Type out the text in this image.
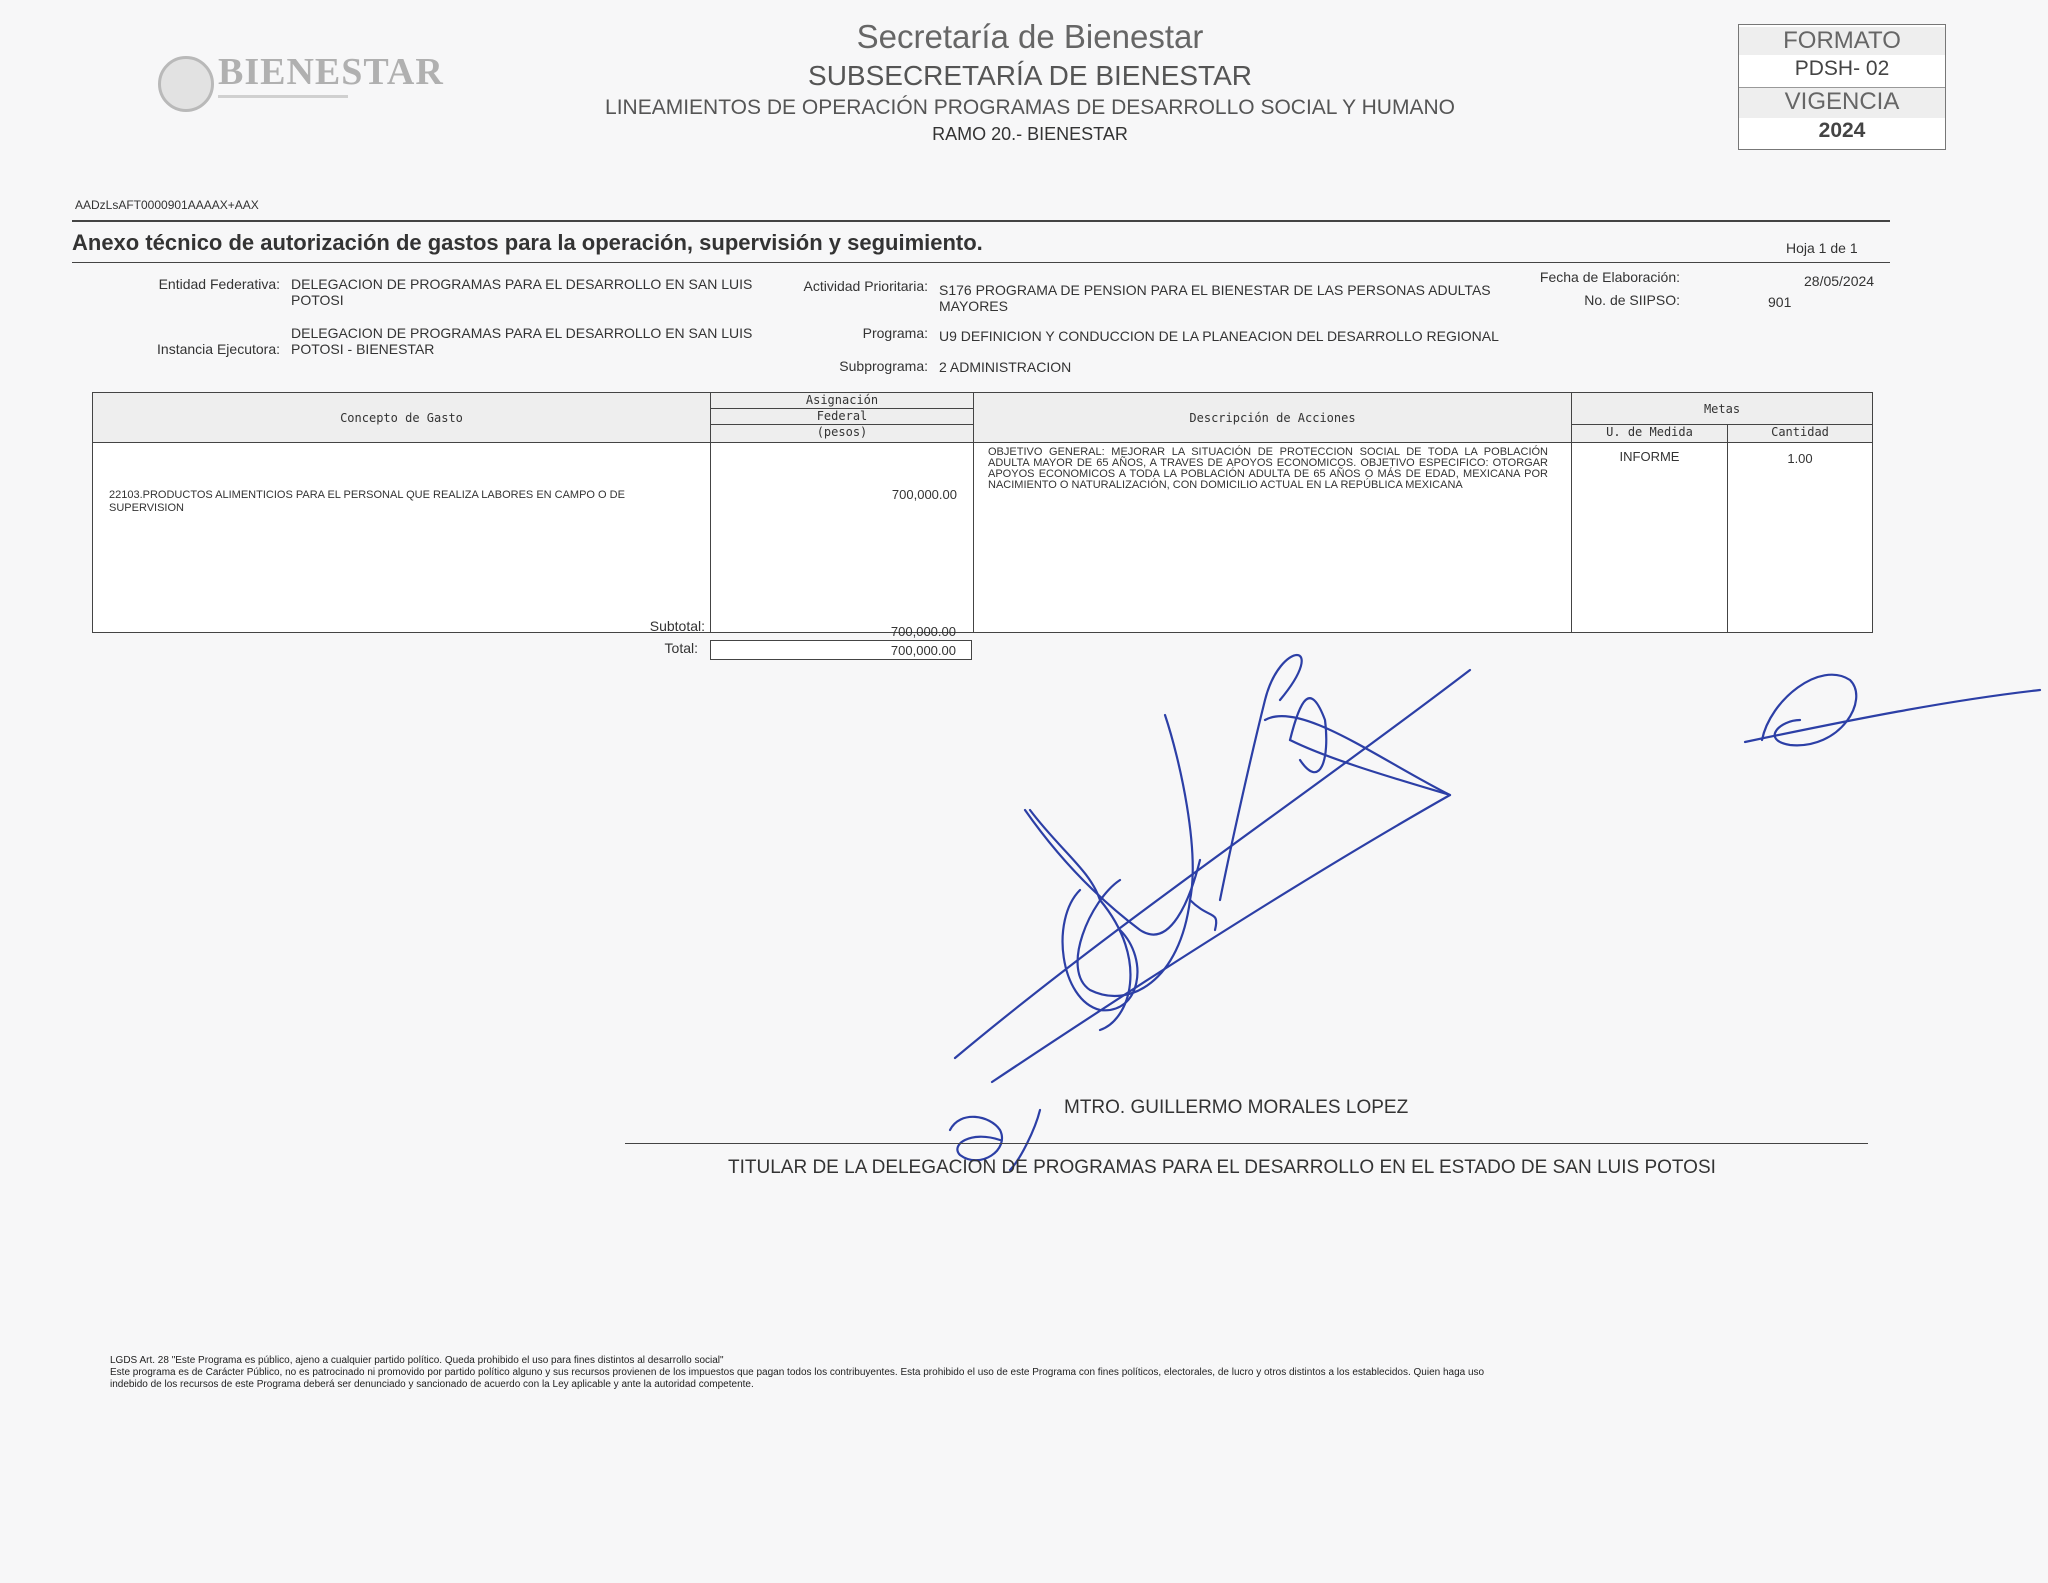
BIENESTAR
Secretaría de Bienestar
SUBSECRETARÍA DE BIENESTAR
LINEAMIENTOS DE OPERACIÓN PROGRAMAS DE DESARROLLO SOCIAL Y HUMANO
RAMO 20.- BIENESTAR
FORMATO
PDSH- 02
VIGENCIA
2024
AADzLsAFT0000901AAAAX+AAX
Anexo técnico de autorización de gastos para la operación, supervisión y seguimiento.	Hoja 1 de 1
Entidad Federativa: DELEGACION DE PROGRAMAS PARA EL DESARROLLO EN SAN LUIS POTOSI
Instancia Ejecutora:
DELEGACION DE PROGRAMAS PARA EL DESARROLLO EN SAN LUIS POTOSI - BIENESTAR
Actividad Prioritaria: S176 PROGRAMA DE PENSION PARA EL BIENESTAR DE LAS PERSONAS ADULTAS MAYORES
Programa: U9 DEFINICION Y CONDUCCION DE LA PLANEACION DEL DESARROLLO REGIONAL
Subprograma: 2 ADMINISTRACION
Fecha de Elaboración:	28/05/2024
No. de SIIPSO:	901
Concepto de Gasto	Asignación	Descripción de Acciones	Metas	
	Federal			
	(pesos)		U. de Medida	Cantidad

22103.PRODUCTOS ALIMENTICIOS PARA EL PERSONAL QUE REALIZA LABORES EN CAMPO O DE SUPERVISION	700,000.00	OBJETIVO GENERAL: MEJORAR LA SITUACIÓN DE PROTECCION SOCIAL DE TODA LA POBLACIÓN ADULTA MAYOR DE 65 AÑOS, A TRAVES DE APOYOS ECONOMICOS. OBJETIVO ESPECIFICO: OTORGAR APOYOS ECONOMICOS A TODA LA POBLACIÓN ADULTA DE 65 AÑOS O MÁS DE EDAD, MEXICANA POR NACIMIENTO O NATURALIZACIÓN, CON DOMICILIO ACTUAL EN LA REPÚBLICA MEXICANA	INFORME	1.00
Subtotal:	700,000.00
Total:	700,000.00
MTRO. GUILLERMO MORALES LOPEZ
TITULAR DE LA DELEGACION DE PROGRAMAS PARA EL DESARROLLO EN EL ESTADO DE SAN LUIS POTOSI
LGDS Art. 28 "Este Programa es público, ajeno a cualquier partido político. Queda prohibido el uso para fines distintos al desarrollo social"
Este programa es de Carácter Público, no es patrocinado ni promovido por partido político alguno y sus recursos provienen de los impuestos que pagan todos los contribuyentes. Esta prohibido el uso de este Programa con fines políticos, electorales, de lucro y otros distintos a los establecidos. Quien haga uso
indebido de los recursos de este Programa deberá ser denunciado y sancionado de acuerdo con la Ley aplicable y ante la autoridad competente.
